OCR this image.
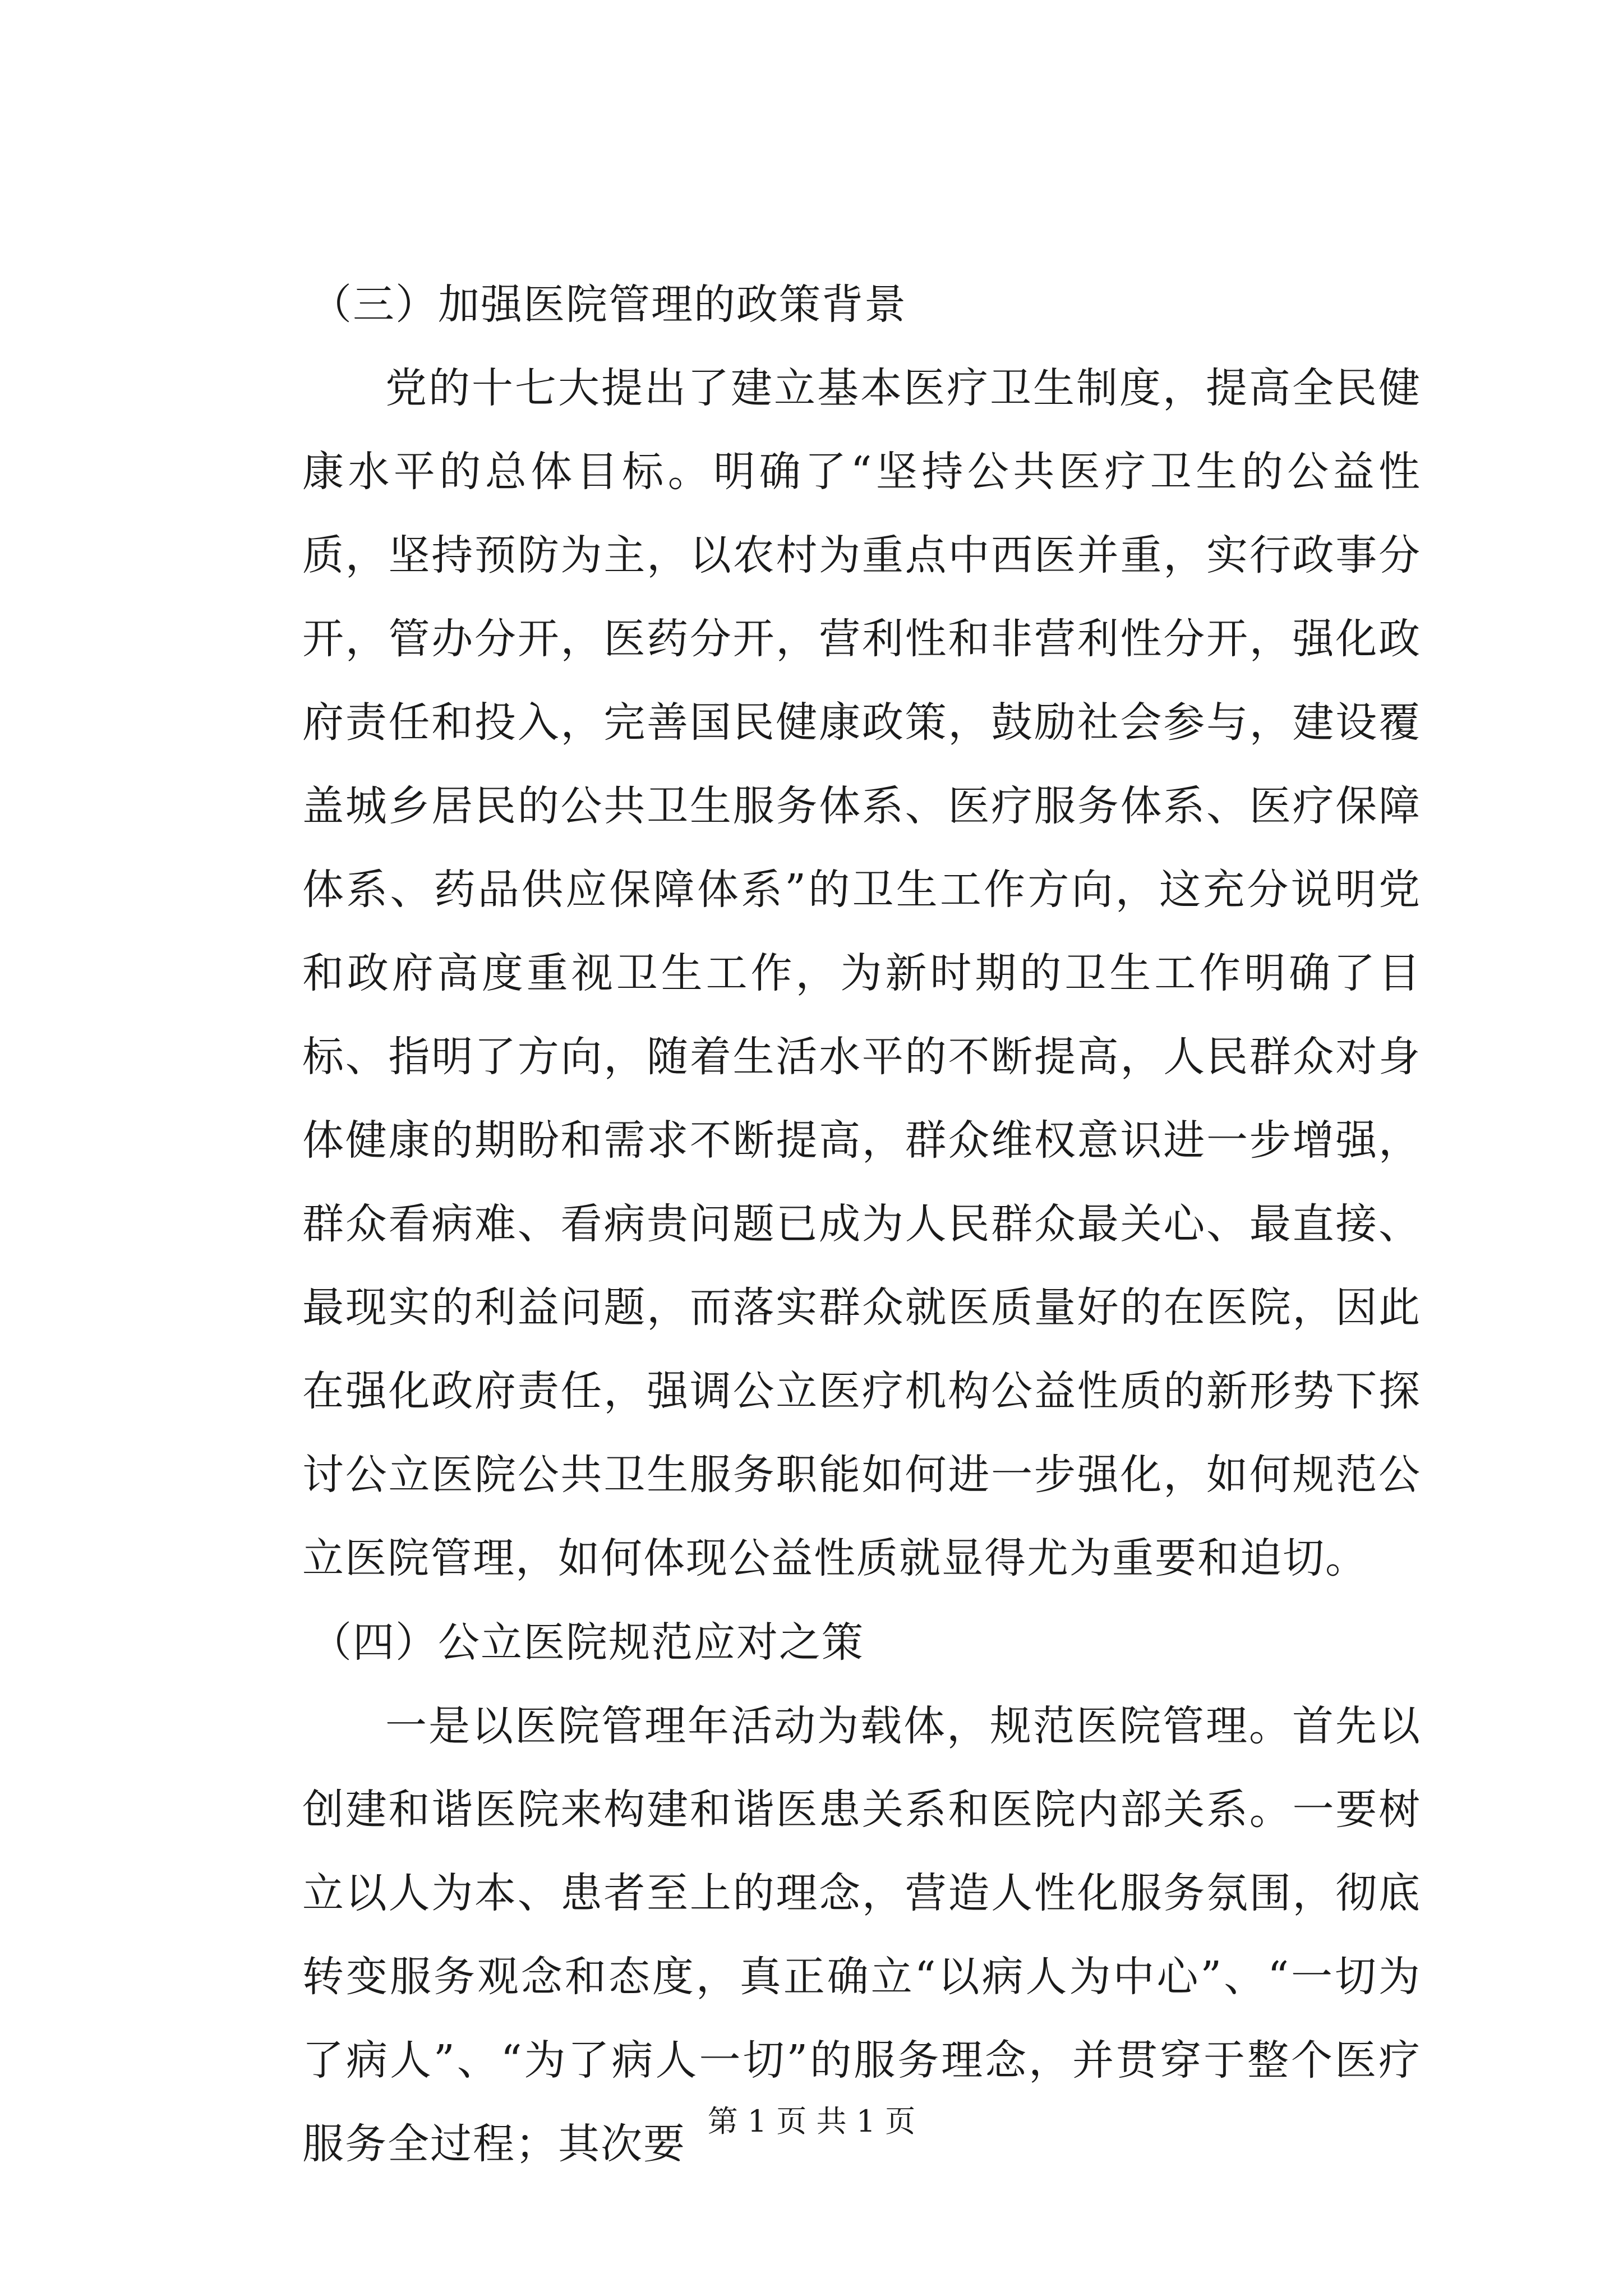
（三）加强医院管理的政策背景

党的十七大提出了建立基本医疗卫生制度，提高全民健康水平的总体目标。明确了“坚持公共医疗卫生的公益性质，坚持预防为主，以农村为重点中西医并重，实行政事分开，管办分开，医药分开，营利性和非营利性分开，强化政府责任和投入，完善国民健康政策，鼓励社会参与，建设覆盖城乡居民的公共卫生服务体系、医疗服务体系、医疗保障体系、药品供应保障体系”的卫生工作方向，这充分说明党和政府高度重视卫生工作，为新时期的卫生工作明确了目标、指明了方向，随着生活水平的不断提高，人民群众对身体健康的期盼和需求不断提高，群众维权意识进一步增强，群众看病难、看病贵问题已成为人民群众最关心、最直接、最现实的利益问题，而落实群众就医质量好的在医院，因此在强化政府责任，强调公立医疗机构公益性质的新形势下探讨公立医院公共卫生服务职能如何进一步强化，如何规范公立医院管理，如何体现公益性质就显得尤为重要和迫切。

（四）公立医院规范应对之策

一是以医院管理年活动为载体，规范医院管理。首先以创建和谐医院来构建和谐医患关系和医院内部关系。一要树立以人为本、患者至上的理念，营造人性化服务氛围，彻底转变服务观念和态度，真正确立“以病人为中心”、“一切为了病人”、“为了病人一切”的服务理念，并贯穿于整个医疗服务全过程；其次要 第 1 页 共 1 页
